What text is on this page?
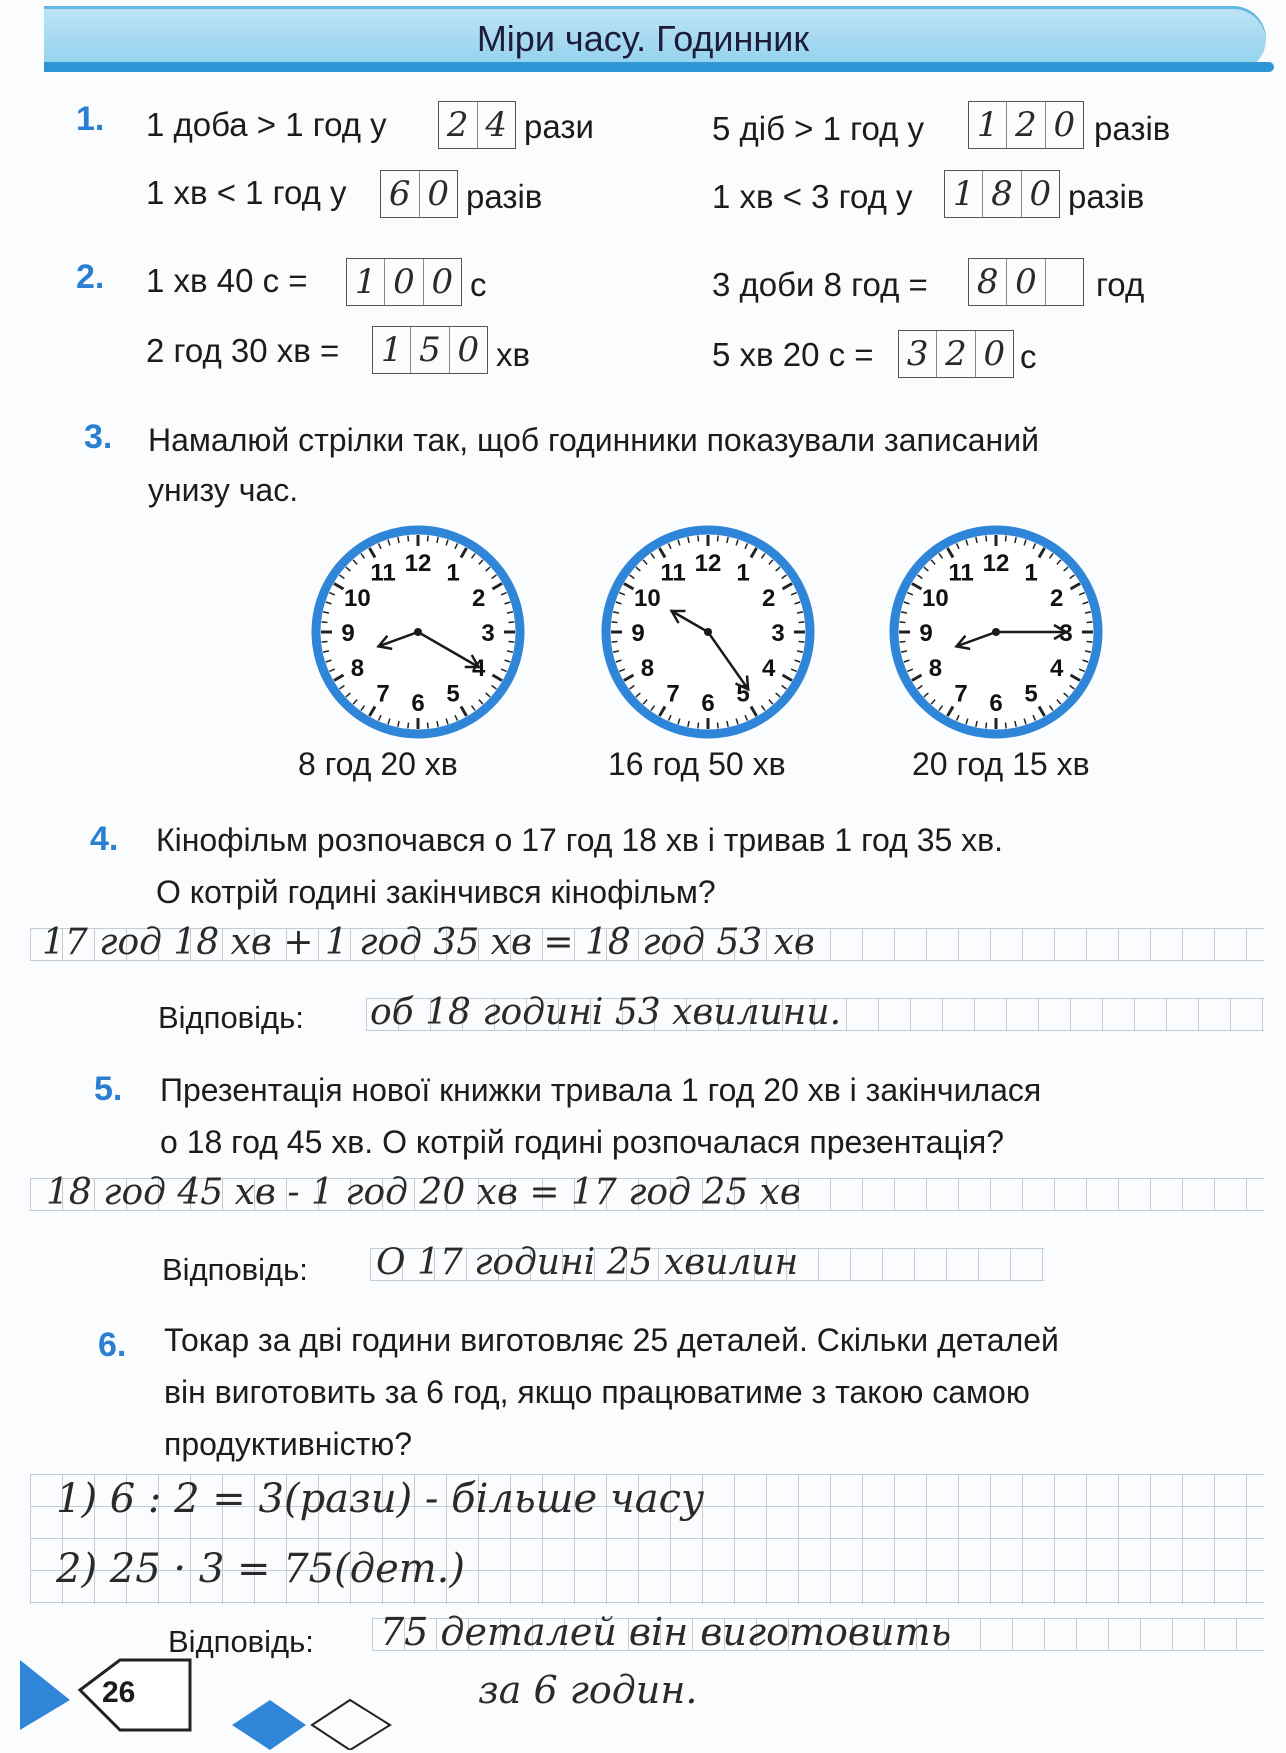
Міри часу. Годинник
1. 1 доба > 1 год у 2 4 рази	5 діб > 1 год у 1 2 0 разів
1 хв < 1 год у 6 0 разів	1 хв < 3 год у 1 8 0 разів
2. 1 хв 40 с = 1 0 0 с	3 доби 8 год = 8 0 год
2 год 30 хв = 1 5 0 хв	5 хв 20 с = 3 2 0 с
3. Намалюй стрілки так, щоб годинники показували записаний
унизу час.
12 1
2
3
4
5
6
7
8
9
10
11	12 1
2
3
4
5
6
7
8
9
10
11	12 1
2
3
4
5
6
7
8
9
10
11
8 год 20 хв	16 год 50 хв	20 год 15 хв
4. Кінофільм розпочався о 17 год 18 хв і тривав 1 год 35 хв.
О котрій годині закінчився кінофільм?
17 год 18 хв + 1 год 35 хв = 18 год 53 хв
Відповідь: об 18 годині 53 хвилини.
5. Презентація нової книжки тривала 1 год 20 хв і закінчилася
о 18 год 45 хв. О котрій годині розпочалася презентація?
18 год 45 хв - 1 год 20 хв = 17 год 25 хв
Відповідь: О 17 годині 25 хвилин
6. Токар за дві години виготовляє 25 деталей. Скільки деталей
він виготовить за 6 год, якщо працюватиме з такою самою
продуктивністю?
1) 6 : 2 = 3(рази) - більше часу
2) 25 · 3 = 75(дет.)
Відповідь: 75 деталей він виготовить
за 6 годин.
26
